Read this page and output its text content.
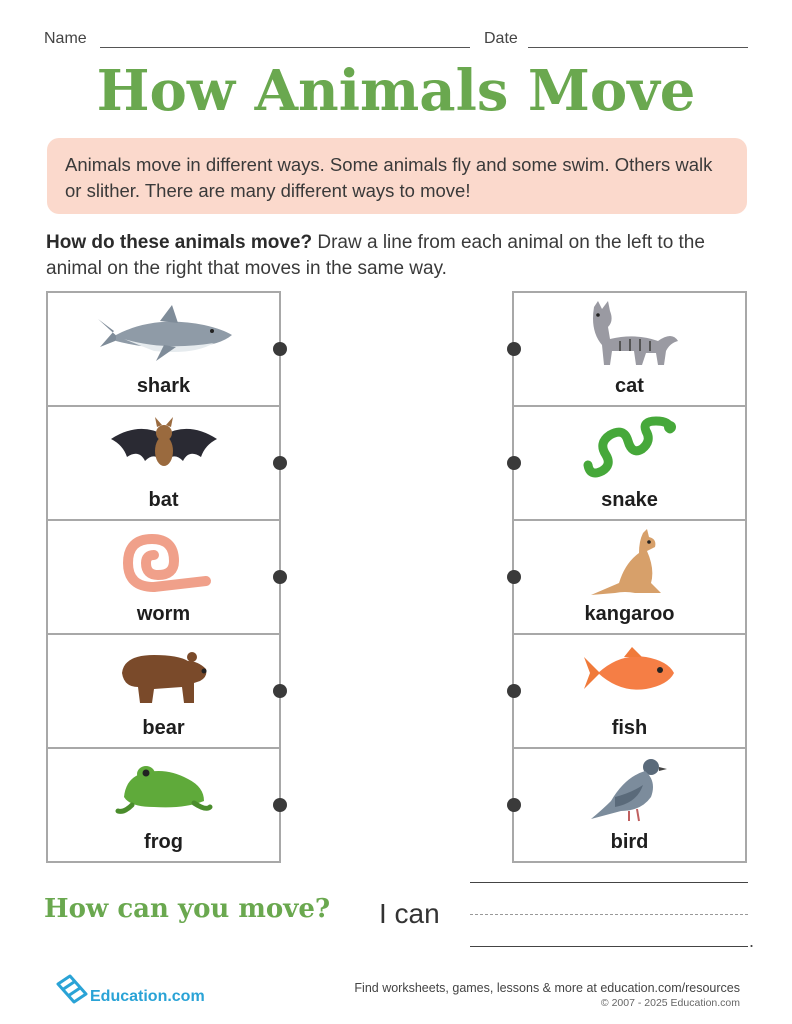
Name	Date
How Animals Move
Animals move in different ways. Some animals fly and some swim. Others walk or slither. There are many different ways to move!
How do these animals move? Draw a line from each animal on the left to the animal on the right that moves in the same way.
shark
bat
worm
bear
frog
cat
snake
kangaroo
fish
bird
How can you move? I can
.
Education.com	Find worksheets, games, lessons & more at education.com/resources
© 2007 - 2025 Education.com
